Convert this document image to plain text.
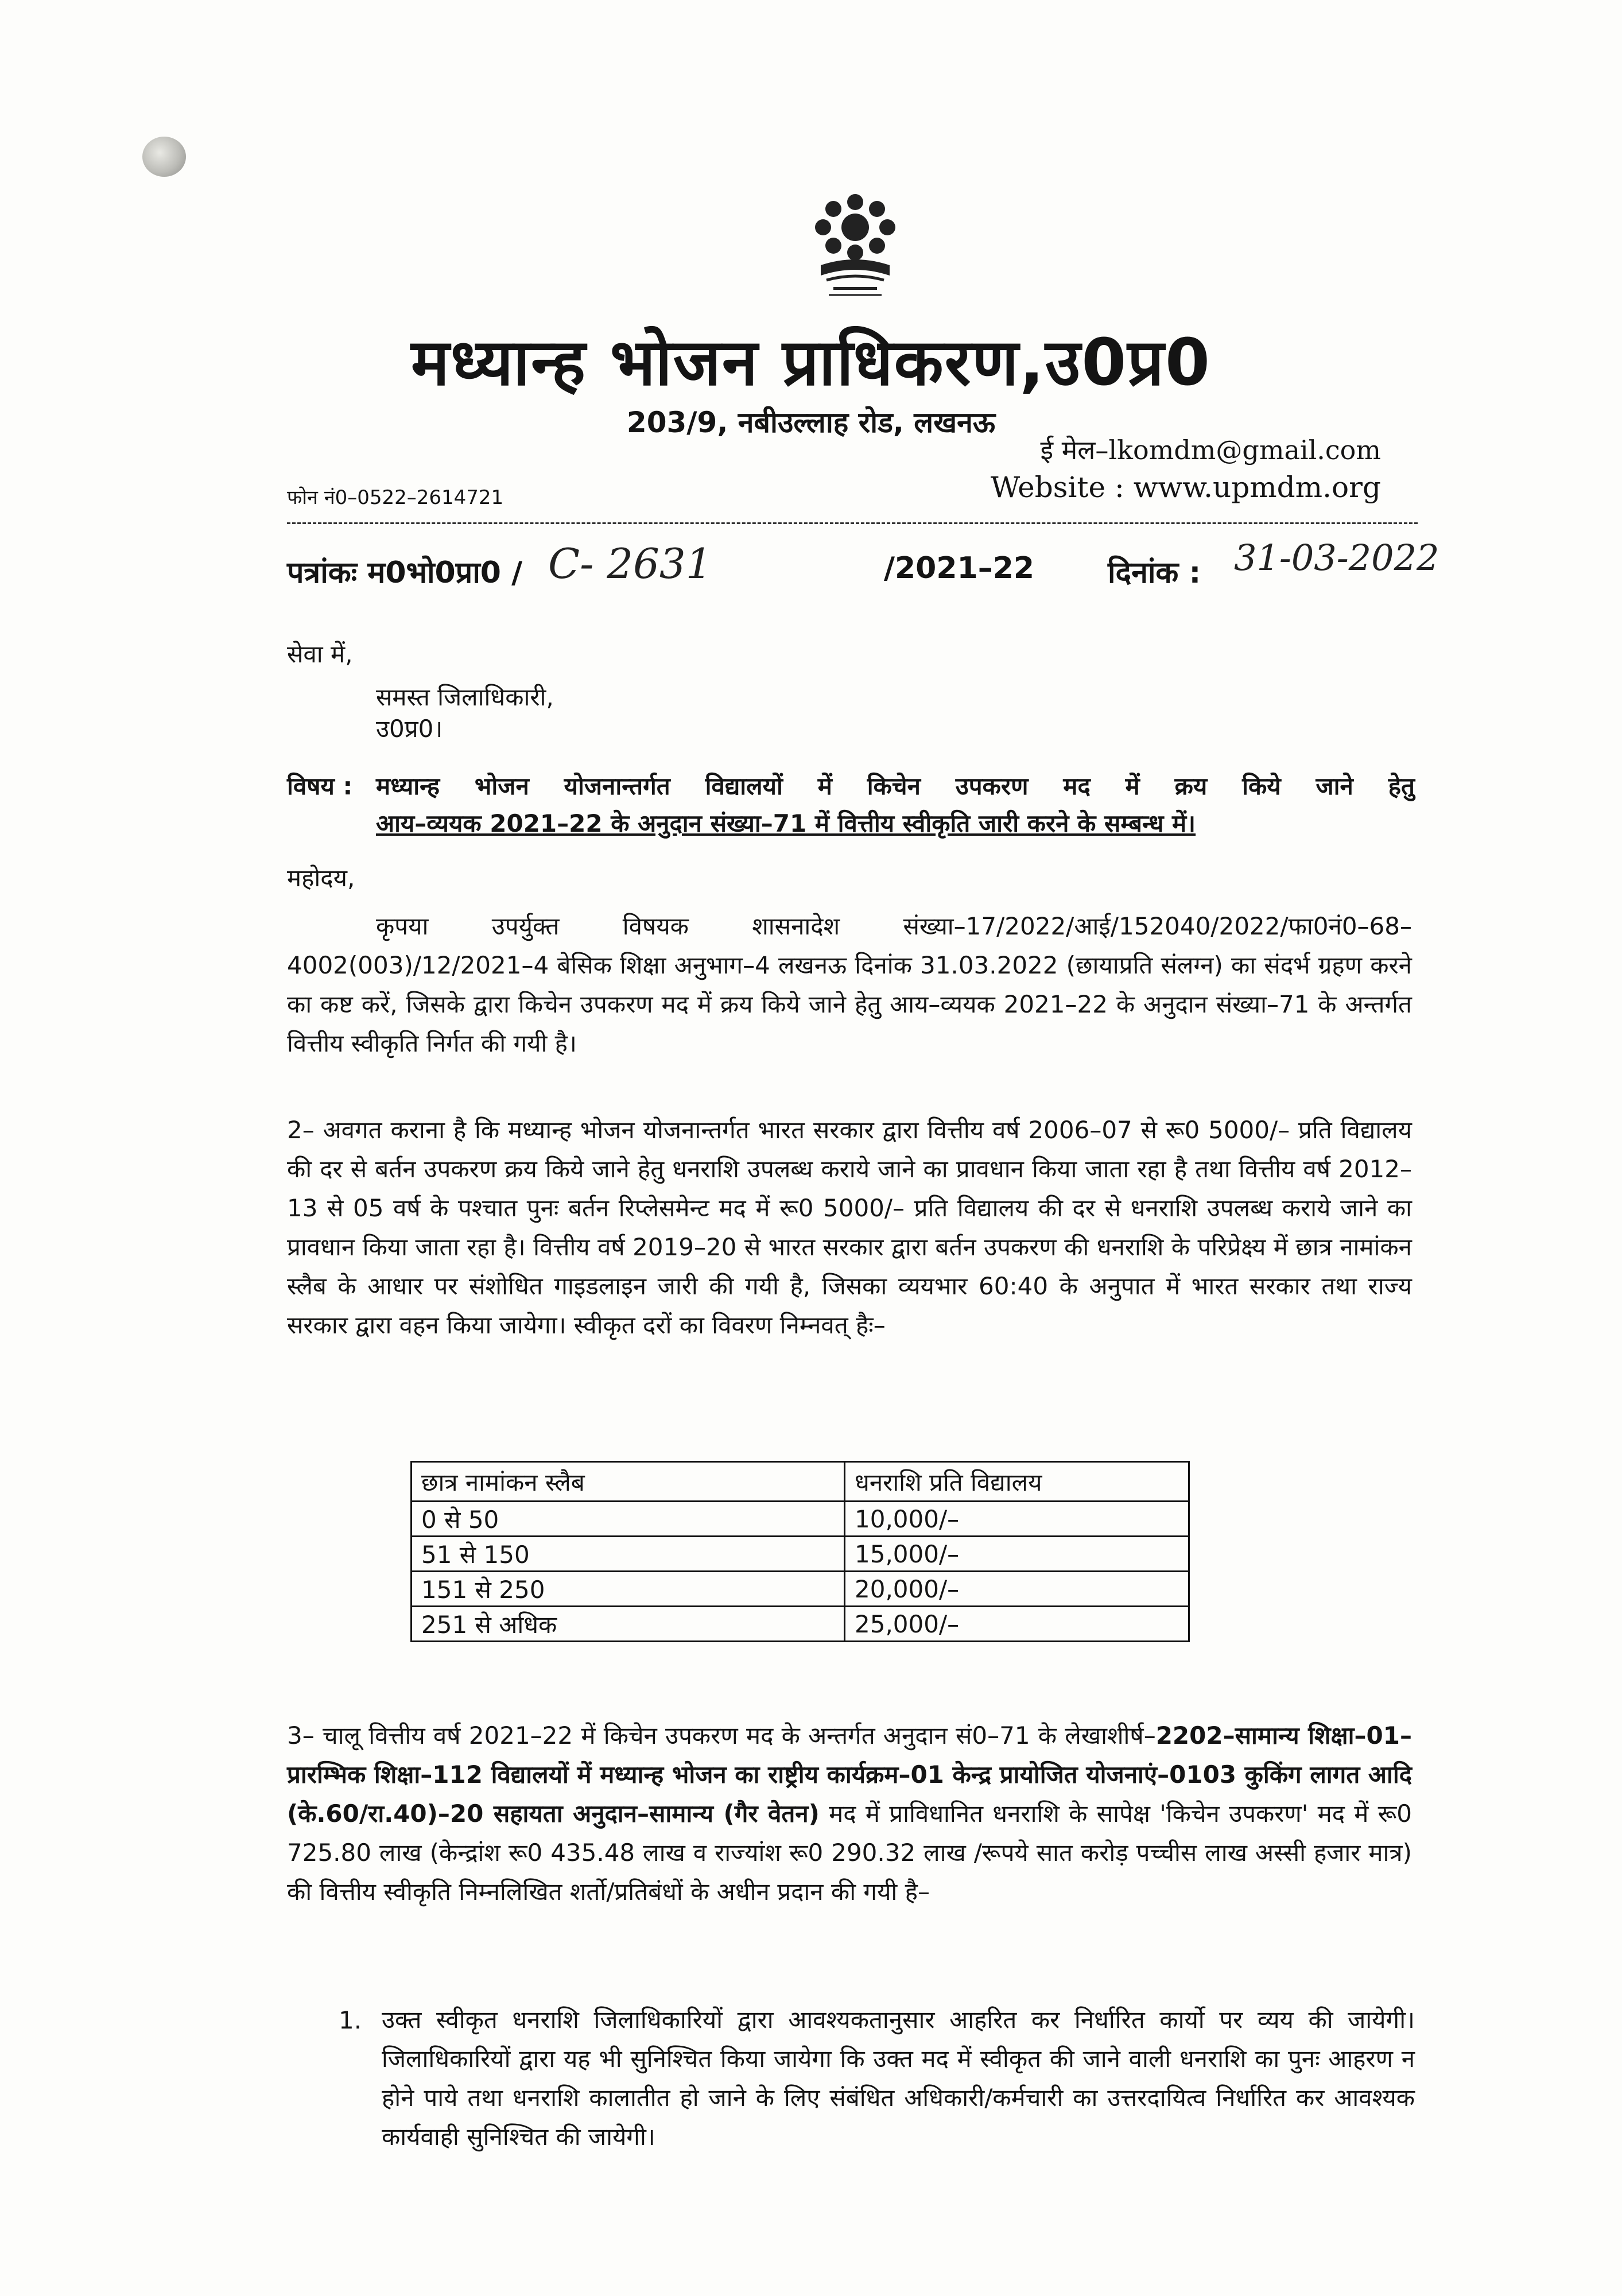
मध्यान्ह भोजन प्राधिकरण,उ0प्र0
203/9, नबीउल्लाह रोड, लखनऊ
ई मेल–lkomdm@gmail.com
Website : www.upmdm.org
फोन नं0–0522–2614721
पत्रांकः म0भो0प्रा0 / C- 2631	/2021–22 दिनांक : 31-03-2022
सेवा में,
समस्त जिलाधिकारी,
उ0प्र0।
विषय : मध्यान्ह भोजन योजनान्तर्गत विद्यालयों में किचेन उपकरण मद में क्रय किये जाने हेतु
आय–व्ययक 2021–22 के अनुदान संख्या–71 में वित्तीय स्वीकृति जारी करने के सम्बन्ध में।
महोदय,
कृपया उपर्युक्त विषयक शासनादेश संख्या–17/2022/आई/152040/2022/फा0नं0–68–4002(003)/12/2021–4 बेसिक शिक्षा अनुभाग–4 लखनऊ दिनांक 31.03.2022 (छायाप्रति संलग्न) का संदर्भ ग्रहण करने का कष्ट करें, जिसके द्वारा किचेन उपकरण मद में क्रय किये जाने हेतु आय–व्ययक 2021–22 के अनुदान संख्या–71 के अन्तर्गत वित्तीय स्वीकृति निर्गत की गयी है।
2– अवगत कराना है कि मध्यान्ह भोजन योजनान्तर्गत भारत सरकार द्वारा वित्तीय वर्ष 2006–07 से रू0 5000/– प्रति विद्यालय की दर से बर्तन उपकरण क्रय किये जाने हेतु धनराशि उपलब्ध कराये जाने का प्रावधान किया जाता रहा है तथा वित्तीय वर्ष 2012–13 से 05 वर्ष के पश्चात पुनः बर्तन रिप्लेसमेन्ट मद में रू0 5000/– प्रति विद्यालय की दर से धनराशि उपलब्ध कराये जाने का प्रावधान किया जाता रहा है। वित्तीय वर्ष 2019–20 से भारत सरकार द्वारा बर्तन उपकरण की धनराशि के परिप्रेक्ष्य में छात्र नामांकन स्लैब के आधार पर संशोधित गाइडलाइन जारी की गयी है, जिसका व्ययभार 60:40 के अनुपात में भारत सरकार तथा राज्य सरकार द्वारा वहन किया जायेगा। स्वीकृत दरों का विवरण निम्नवत् हैः–
छात्र नामांकन स्लैब	धनराशि प्रति विद्यालय
0 से 50	10,000/–
51 से 150	15,000/–
151 से 250	20,000/–
251 से अधिक	25,000/–
3– चालू वित्तीय वर्ष 2021–22 में किचेन उपकरण मद के अन्तर्गत अनुदान सं0–71 के लेखाशीर्ष–2202–सामान्य शिक्षा–01–प्रारम्भिक शिक्षा–112 विद्यालयों में मध्यान्ह भोजन का राष्ट्रीय कार्यक्रम–01 केन्द्र प्रायोजित योजनाएं–0103 कुकिंग लागत आदि (के.60/रा.40)–20 सहायता अनुदान–सामान्य (गैर वेतन) मद में प्राविधानित धनराशि के सापेक्ष 'किचेन उपकरण' मद में रू0 725.80 लाख (केन्द्रांश रू0 435.48 लाख व राज्यांश रू0 290.32 लाख /रूपये सात करोड़ पच्चीस लाख अस्सी हजार मात्र) की वित्तीय स्वीकृति निम्नलिखित शर्तो/प्रतिबंधों के अधीन प्रदान की गयी है–
1. उक्त स्वीकृत धनराशि जिलाधिकारियों द्वारा आवश्यकतानुसार आहरित कर निर्धारित कार्यो पर व्यय की जायेगी। जिलाधिकारियों द्वारा यह भी सुनिश्चित किया जायेगा कि उक्त मद में स्वीकृत की जाने वाली धनराशि का पुनः आहरण न होने पाये तथा धनराशि कालातीत हो जाने के लिए संबंधित अधिकारी/कर्मचारी का उत्तरदायित्व निर्धारित कर आवश्यक कार्यवाही सुनिश्चित की जायेगी।
